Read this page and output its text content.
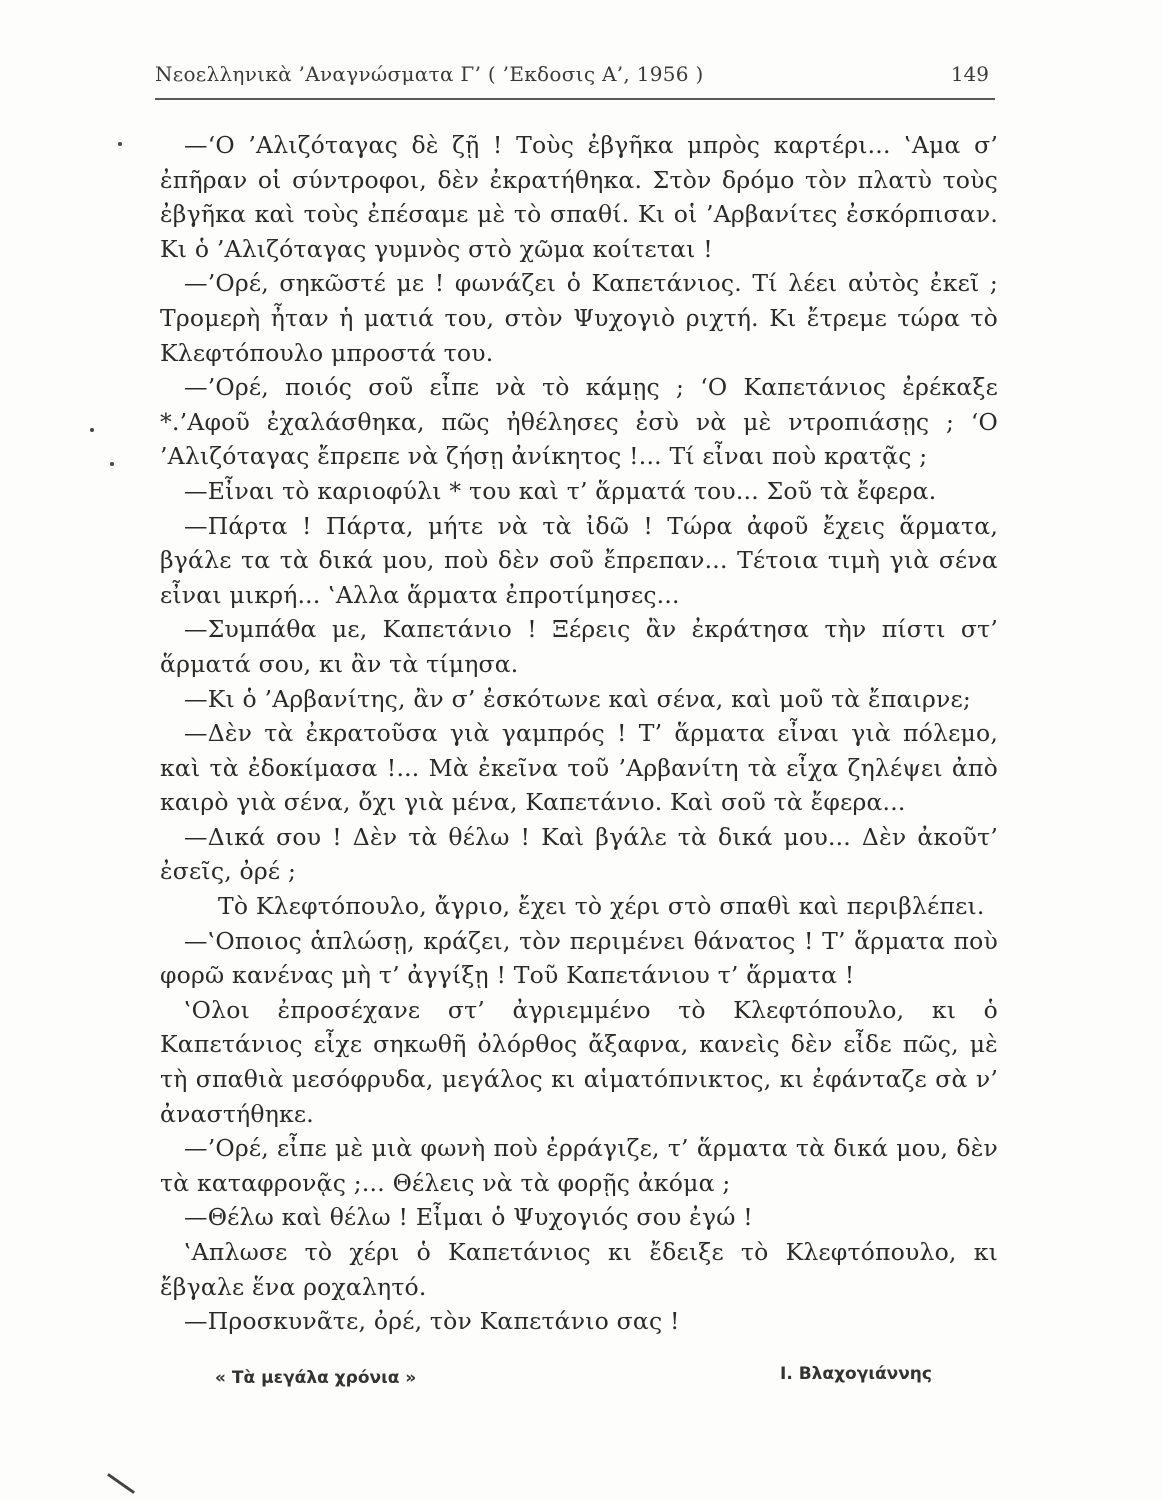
Νεοελληνικὰ ’Αναγνώσματα Γ’ ( ’Εκδοσις Α’, 1956 )	149

—‘Ο ’Αλιζόταγας δὲ ζῇ ! Τοὺς ἐβγῆκα μπρὸς καρτέρι... ‛Αμα σ’ ἐπῆραν οἱ σύντροφοι, δὲν ἐκρατήθηκα. Στὸν δρόμο τὸν πλατὺ τοὺς ἐβγῆκα καὶ τοὺς ἐπέσαμε μὲ τὸ σπαθί. Κι οἱ ’Αρβανίτες ἐσκόρπισαν. Κι ὁ ’Αλιζόταγας γυμνὸς στὸ χῶμα κοίτεται !

—’Ορέ, σηκῶστέ με ! φωνάζει ὁ Καπετάνιος. Τί λέει αὐτὸς ἐκεῖ ; Τρομερὴ ἦταν ἡ ματιά του, στὸν Ψυχογιὸ ριχτή. Κι ἔτρεμε τώρα τὸ Κλεφτόπουλο μπροστά του.

—’Ορέ, ποιός σοῦ εἶπε νὰ τὸ κάμῃς ; ‘Ο Καπετάνιος ἐρέκαξε *.’Αφοῦ ἐχαλάσθηκα, πῶς ἠθέλησες ἐσὺ νὰ μὲ ντροπιάσῃς ; ‘Ο ’Αλιζόταγας ἔπρεπε νὰ ζήσῃ ἀνίκητος !... Τί εἶναι ποὺ κρατᾷς ;

—Εἶναι τὸ καριοφύλι * του καὶ τ’ ἅρματά του... Σοῦ τὰ ἔφερα.

—Πάρτα ! Πάρτα, μήτε νὰ τὰ ἰδῶ ! Τώρα ἀφοῦ ἔχεις ἅρματα, βγάλε τα τὰ δικά μου, ποὺ δὲν σοῦ ἔπρεπαν... Τέτοια τιμὴ γιὰ σένα εἶναι μικρή... ‛Αλλα ἅρματα ἐπροτίμησες...

—Συμπάθα με, Καπετάνιο ! Ξέρεις ἂν ἐκράτησα τὴν πίστι στ’ ἅρματά σου, κι ἂν τὰ τίμησα.

—Κι ὁ ’Αρβανίτης, ἂν σ’ ἐσκότωνε καὶ σένα, καὶ μοῦ τὰ ἔπαιρνε;

—Δὲν τὰ ἐκρατοῦσα γιὰ γαμπρός ! Τ’ ἅρματα εἶναι γιὰ πόλεμο, καὶ τὰ ἐδοκίμασα !... Μὰ ἐκεῖνα τοῦ ’Αρβανίτη τὰ εἶχα ζηλέψει ἀπὸ καιρὸ γιὰ σένα, ὄχι γιὰ μένα, Καπετάνιο. Καὶ σοῦ τὰ ἔφερα...

—Δικά σου ! Δὲν τὰ θέλω ! Καὶ βγάλε τὰ δικά μου... Δὲν ἀκοῦτ’ ἐσεῖς, ὀρέ ;

Τὸ Κλεφτόπουλο, ἄγριο, ἔχει τὸ χέρι στὸ σπαθὶ καὶ περιβλέπει.

—‛Οποιος ἁπλώσῃ, κράζει, τὸν περιμένει θάνατος ! Τ’ ἅρματα ποὺ φορῶ κανένας μὴ τ’ ἀγγίξῃ ! Τοῦ Καπετάνιου τ’ ἅρματα !

‛Ολοι ἐπροσέχανε στ’ ἀγριεμμένο τὸ Κλεφτόπουλο, κι ὁ Καπετάνιος εἶχε σηκωθῆ ὀλόρθος ἄξαφνα, κανεὶς δὲν εἶδε πῶς, μὲ τὴ σπαθιὰ μεσόφρυδα, μεγάλος κι αἱματόπνικτος, κι ἐφάνταζε σὰ ν’ ἀναστήθηκε.

—’Ορέ, εἶπε μὲ μιὰ φωνὴ ποὺ ἐρράγιζε, τ’ ἅρματα τὰ δικά μου, δὲν τὰ καταφρονᾷς ;... Θέλεις νὰ τὰ φορῇς ἀκόμα ;

—Θέλω καὶ θέλω ! Εἶμαι ὁ Ψυχογιός σου ἐγώ !

‛Απλωσε τὸ χέρι ὁ Καπετάνιος κι ἔδειξε τὸ Κλεφτόπουλο, κι ἔβγαλε ἕνα ροχαλητό.

—Προσκυνᾶτε, ὀρέ, τὸν Καπετάνιο σας !

« Τὰ μεγάλα χρόνια »	Ι. Βλαχογιάννης
